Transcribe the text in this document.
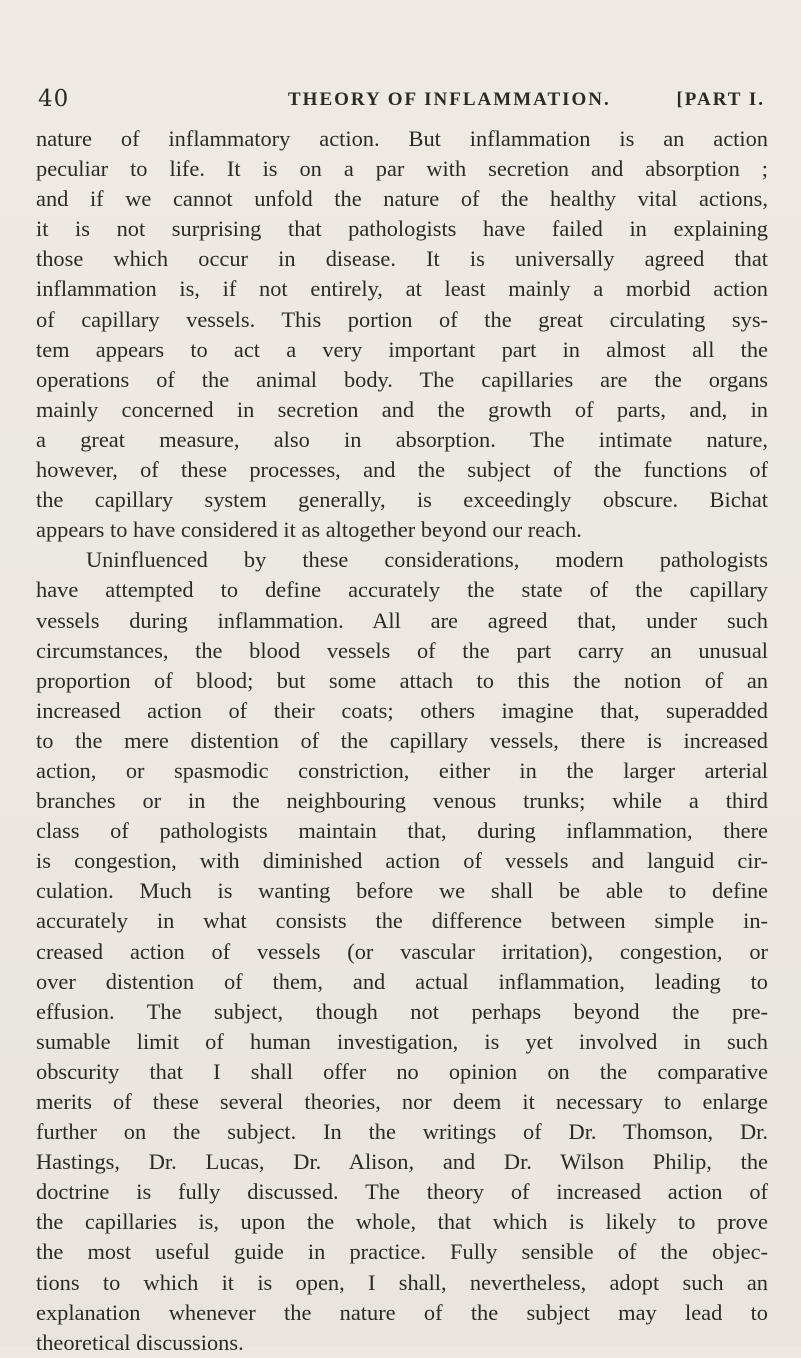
40	THEORY OF INFLAMMATION.	[PART I.
nature of inflammatory action. But inflammation is an action
peculiar to life. It is on a par with secretion and absorption ;
and if we cannot unfold the nature of the healthy vital actions,
it is not surprising that pathologists have failed in explaining
those which occur in disease. It is universally agreed that
inflammation is, if not entirely, at least mainly a morbid action
of capillary vessels. This portion of the great circulating sys-
tem appears to act a very important part in almost all the
operations of the animal body. The capillaries are the organs
mainly concerned in secretion and the growth of parts, and, in
a great measure, also in absorption. The intimate nature,
however, of these processes, and the subject of the functions of
the capillary system generally, is exceedingly obscure. Bichat
appears to have considered it as altogether beyond our reach.
Uninfluenced by these considerations, modern pathologists
have attempted to define accurately the state of the capillary
vessels during inflammation. All are agreed that, under such
circumstances, the blood vessels of the part carry an unusual
proportion of blood; but some attach to this the notion of an
increased action of their coats; others imagine that, superadded
to the mere distention of the capillary vessels, there is increased
action, or spasmodic constriction, either in the larger arterial
branches or in the neighbouring venous trunks; while a third
class of pathologists maintain that, during inflammation, there
is congestion, with diminished action of vessels and languid cir-
culation. Much is wanting before we shall be able to define
accurately in what consists the difference between simple in-
creased action of vessels (or vascular irritation), congestion, or
over distention of them, and actual inflammation, leading to
effusion. The subject, though not perhaps beyond the pre-
sumable limit of human investigation, is yet involved in such
obscurity that I shall offer no opinion on the comparative
merits of these several theories, nor deem it necessary to enlarge
further on the subject. In the writings of Dr. Thomson, Dr.
Hastings, Dr. Lucas, Dr. Alison, and Dr. Wilson Philip, the
doctrine is fully discussed. The theory of increased action of
the capillaries is, upon the whole, that which is likely to prove
the most useful guide in practice. Fully sensible of the objec-
tions to which it is open, I shall, nevertheless, adopt such an
explanation whenever the nature of the subject may lead to
theoretical discussions.
